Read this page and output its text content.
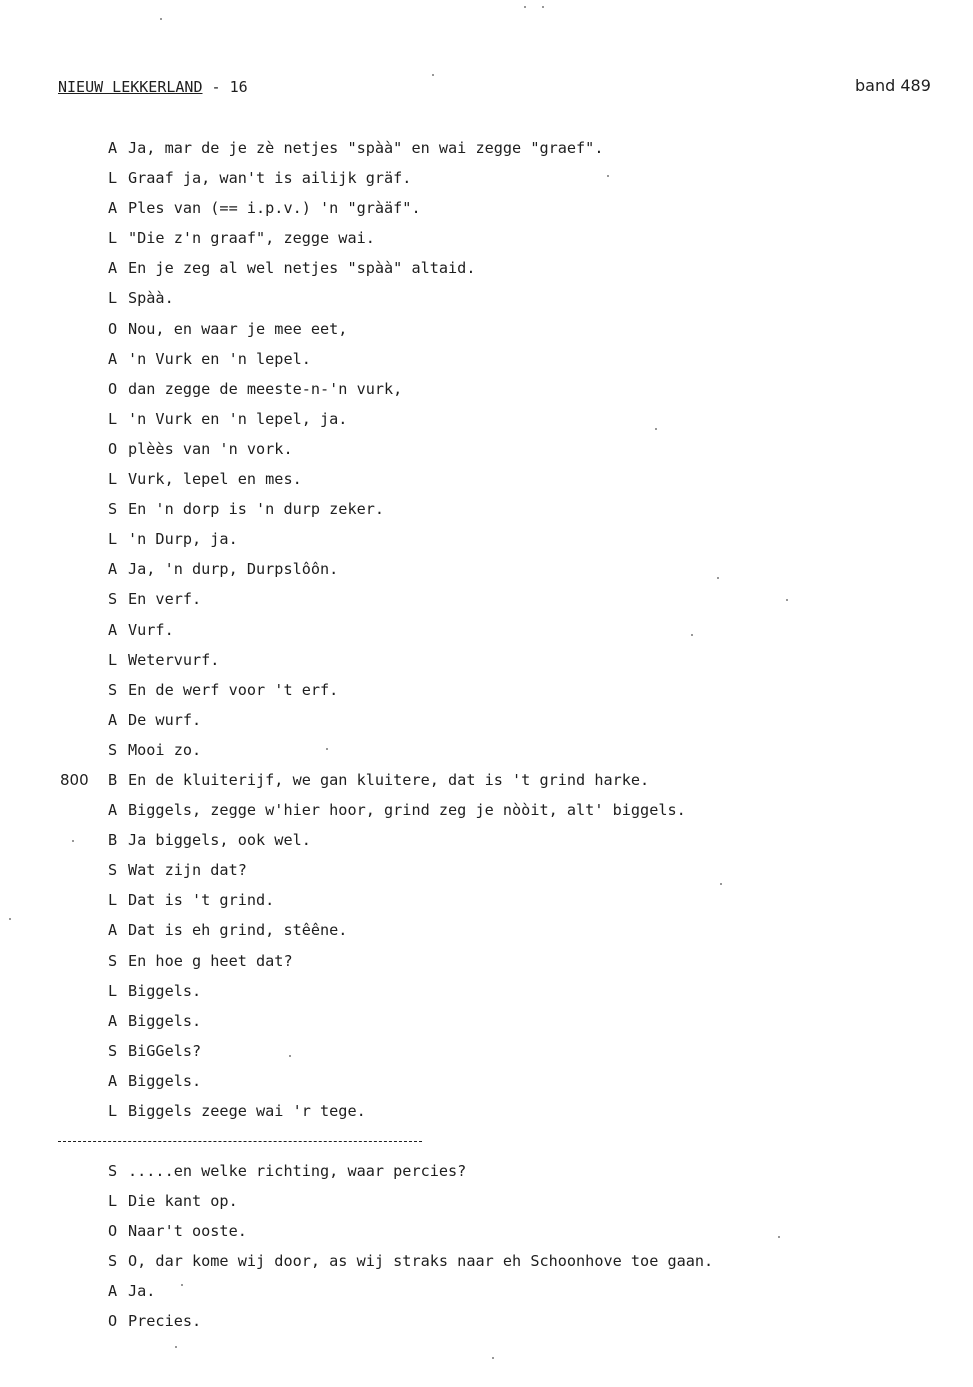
NIEUW LEKKERLAND - 16	band 489
A Ja, mar de je zè netjes "spàà" en wai zegge "graef".
L Graaf ja, wan't is ailijk gräf.
A Ples van (== i.p.v.) 'n "gràäf".
L "Die z'n graaf", zegge wai.
A En je zeg al wel netjes "spàà" altaid.
L Spàà.
O Nou, en waar je mee eet,
A 'n Vurk en 'n lepel.
O dan zegge de meeste-n-'n vurk,
L 'n Vurk en 'n lepel, ja.
O plèès van 'n vork.
L Vurk, lepel en mes.
S En 'n dorp is 'n durp zeker.
L 'n Durp, ja.
A Ja, 'n durp, Durpslôôn.
S En verf.
A Vurf.
L Wetervurf.
S En de werf voor 't erf.
A De wurf.
S Mooi zo.
800 B En de kluiterijf, we gan kluitere, dat is 't grind harke.
A Biggels, zegge w'hier hoor, grind zeg je nòòit, alt' biggels.
B Ja biggels, ook wel.
S Wat zijn dat?
L Dat is 't grind.
A Dat is eh grind, stêêne.
S En hoe g heet dat?
L Biggels.
A Biggels.
S BiGGels?
A Biggels.
L Biggels zeege wai 'r tege.
S .....en welke richting, waar percies?
L Die kant op.
O Naar't ooste.
S O, dar kome wij door, as wij straks naar eh Schoonhove toe gaan.
A Ja.
O Precies.
